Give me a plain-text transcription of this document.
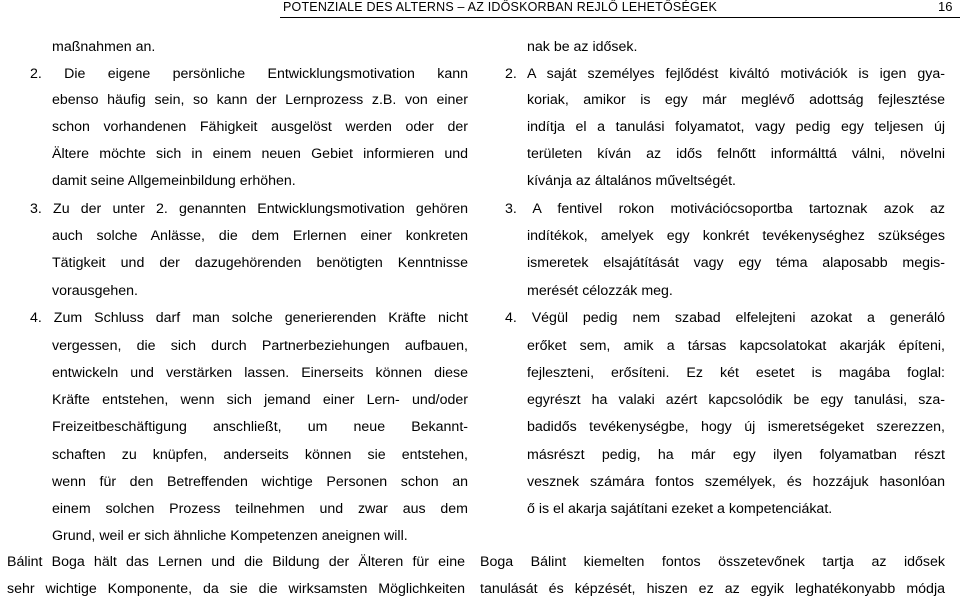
POTENZIALE DES ALTERNS – AZ IDŐSKORBAN REJLŐ LEHETŐSÉGEK	16
maßnahmen an.
2. Die eigene persönliche Entwicklungsmotivation kann
ebenso häufig sein, so kann der Lernprozess z.B. von einer
schon vorhandenen Fähigkeit ausgelöst werden oder der
Ältere möchte sich in einem neuen Gebiet informieren und
damit seine Allgemeinbildung erhöhen.
3. Zu der unter 2. genannten Entwicklungsmotivation gehören
auch solche Anlässe, die dem Erlernen einer konkreten
Tätigkeit und der dazugehörenden benötigten Kenntnisse
vorausgehen.
4. Zum Schluss darf man solche generierenden Kräfte nicht
vergessen, die sich durch Partnerbeziehungen aufbauen,
entwickeln und verstärken lassen. Einerseits können diese
Kräfte entstehen, wenn sich jemand einer Lern- und/oder
Freizeitbeschäftigung anschließt, um neue Bekannt-
schaften zu knüpfen, anderseits können sie entstehen,
wenn für den Betreffenden wichtige Personen schon an
einem solchen Prozess teilnehmen und zwar aus dem
Grund, weil er sich ähnliche Kompetenzen aneignen will.
Bálint Boga hält das Lernen und die Bildung der Älteren für eine
sehr wichtige Komponente, da sie die wirksamsten Möglichkeiten
nak be az idősek.
2. A saját személyes fejlődést kiváltó motivációk is igen gya-
koriak, amikor is egy már meglévő adottság fejlesztése
indítja el a tanulási folyamatot, vagy pedig egy teljesen új
területen kíván az idős felnőtt informálttá válni, növelni
kívánja az általános műveltségét.
3. A fentivel rokon motivációcsoportba tartoznak azok az
indítékok, amelyek egy konkrét tevékenységhez szükséges
ismeretek elsajátítását vagy egy téma alaposabb megis-
merését célozzák meg.
4. Végül pedig nem szabad elfelejteni azokat a generáló
erőket sem, amik a társas kapcsolatokat akarják építeni,
fejleszteni, erősíteni. Ez két esetet is magába foglal:
egyrészt ha valaki azért kapcsolódik be egy tanulási, sza-
badidős tevékenységbe, hogy új ismeretségeket szerezzen,
másrészt pedig, ha már egy ilyen folyamatban részt
vesznek számára fontos személyek, és hozzájuk hasonlóan
ő is el akarja sajátítani ezeket a kompetenciákat.
Boga Bálint kiemelten fontos összetevőnek tartja az idősek
tanulását és képzését, hiszen ez az egyik leghatékonyabb módja
